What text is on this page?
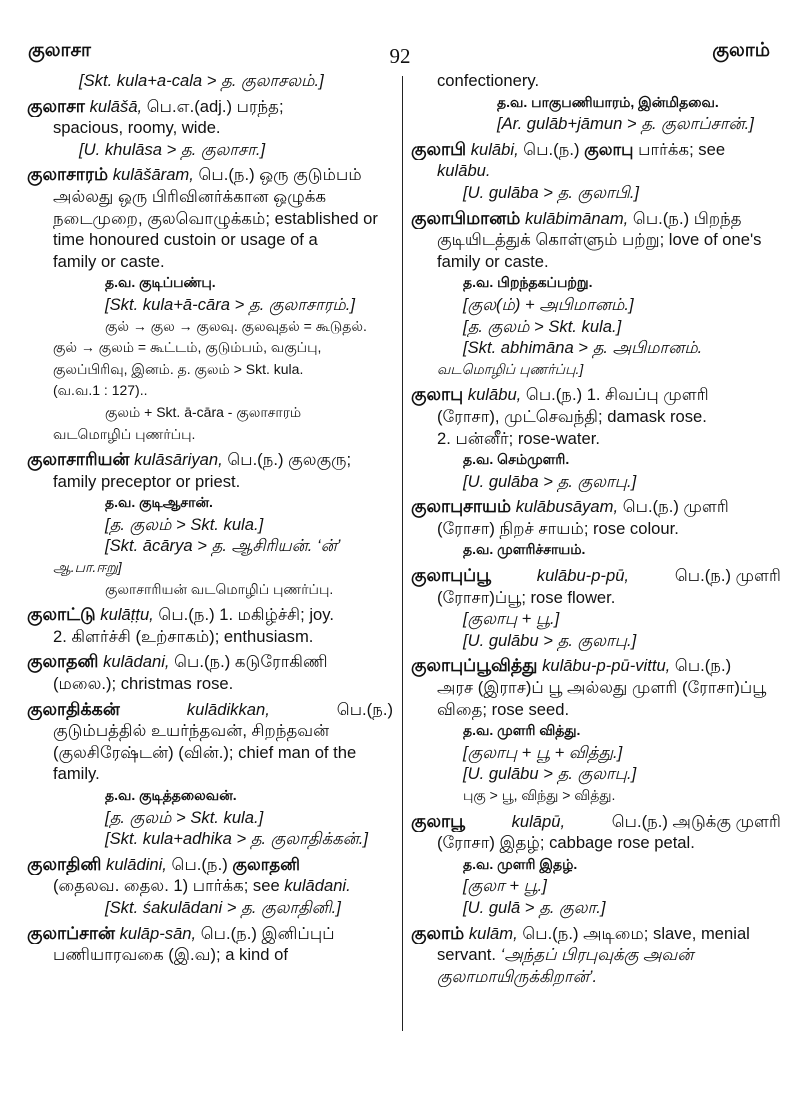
குலாசா	92	குலாம்
[Skt. kula+a-cala > த. குலாசலம்.]
குலாசா kulāšā, பெ.எ.(adj.) பரந்த;
spacious, roomy, wide.
[U. khulāsa > த. குலாசா.]
குலாசாரம் kulāšāram, பெ.(ந.) ஒரு குடும்பம்
அல்லது ஒரு பிரிவினர்க்கான ஒழுக்க
நடைமுறை, குலவொழுக்கம்; established or
time honoured custoin or usage of a
family or caste.
த.வ. குடிப்பண்பு.
[Skt. kula+ā-cāra > த. குலாசாரம்.]
குல் → குல → குலவு. குலவுதல் = கூடுதல்.
குல் → குலம் = கூட்டம், குடும்பம், வகுப்பு,
குலப்பிரிவு, இனம். த. குலம் > Skt. kula.
(வ.வ.1 : 127)..
குலம் + Skt. ā-cāra - குலாசாரம்
வடமொழிப் புணர்ப்பு.
குலாசாரியன் kulāsāriyan, பெ.(ந.) குலகுரு;
family preceptor or priest.
த.வ. குடிஆசான்.
[த. குலம் > Skt. kula.]
[Skt. ācārya > த. ஆசிரியன். ‘ன்’
ஆ.பா.ஈறு]
குலாசாரியன் வடமொழிப் புணர்ப்பு.
குலாட்டு kulāṭṭu, பெ.(ந.) 1. மகிழ்ச்சி; joy.
2. கிளர்ச்சி (உற்சாகம்); enthusiasm.
குலாதனி kulādani, பெ.(ந.) கடுரோகிணி
(மலை.); christmas rose.
குலாதிக்கன்	kulādikkan,	பெ.(ந.)
குடும்பத்தில் உயர்ந்தவன், சிறந்தவன்
(குலசிரேஷ்டன்) (வின்.); chief man of the
family.
த.வ. குடித்தலைவன்.
[த. குலம் > Skt. kula.]
[Skt. kula+adhika > த. குலாதிக்கன்.]
குலாதினி kulādini, பெ.(ந.) குலாதனி
(தைலவ. தைல. 1) பார்க்க; see kulādani.
[Skt. śakulādani > த. குலாதினி.]
குலாப்சான் kulāp-sān, பெ.(ந.) இனிப்புப்
பணியாரவகை (இ.வ); a kind of
confectionery.
த.வ. பாகுபணியாரம், இன்மிதவை.
[Ar. gulāb+jāmun > த. குலாப்சான்.]
குலாபி kulābi, பெ.(ந.) குலாபு பார்க்க; see
kulābu.
[U. gulāba > த. குலாபி.]
குலாபிமானம் kulābimānam, பெ.(ந.) பிறந்த
குடியிடத்துக் கொள்ளும் பற்று; love of one's
family or caste.
த.வ. பிறந்தகப்பற்று.
[குல(ம்) + அபிமானம்.]
[த. குலம் > Skt. kula.]
[Skt. abhimāna > த. அபிமானம்.
வடமொழிப் புணர்ப்பு.]
குலாபு kulābu, பெ.(ந.) 1. சிவப்பு முளரி
(ரோசா), முட்செவந்தி; damask rose.
2. பன்னீர்; rose-water.
த.வ. செம்முளரி.
[U. gulāba > த. குலாபு.]
குலாபுசாயம் kulābusāyam, பெ.(ந.) முளரி
(ரோசா) நிறச் சாயம்; rose colour.
த.வ. முளரிச்சாயம்.
குலாபுப்பூ	kulābu-p-pū,	பெ.(ந.) முளரி
(ரோசா)ப்பூ; rose flower.
[குலாபு + பூ.]
[U. gulābu > த. குலாபு.]
குலாபுப்பூவித்து kulābu-p-pū-vittu, பெ.(ந.)
அரச (இராச)ப் பூ அல்லது முளரி (ரோசா)ப்பூ
விதை; rose seed.
த.வ. முளரி வித்து.
[குலாபு + பூ + வித்து.]
[U. gulābu > த. குலாபு.]
புகு > பூ, விந்து > வித்து.
குலாபூ	kulāpū,	பெ.(ந.) அடுக்கு முளரி
(ரோசா) இதழ்; cabbage rose petal.
த.வ. முளரி இதழ்.
[குலா + பூ.]
[U. gulā > த. குலா.]
குலாம் kulām, பெ.(ந.) அடிமை; slave, menial
servant. ‘அந்தப் பிரபுவுக்கு அவன்
குலாமாயிருக்கிறான்’.
